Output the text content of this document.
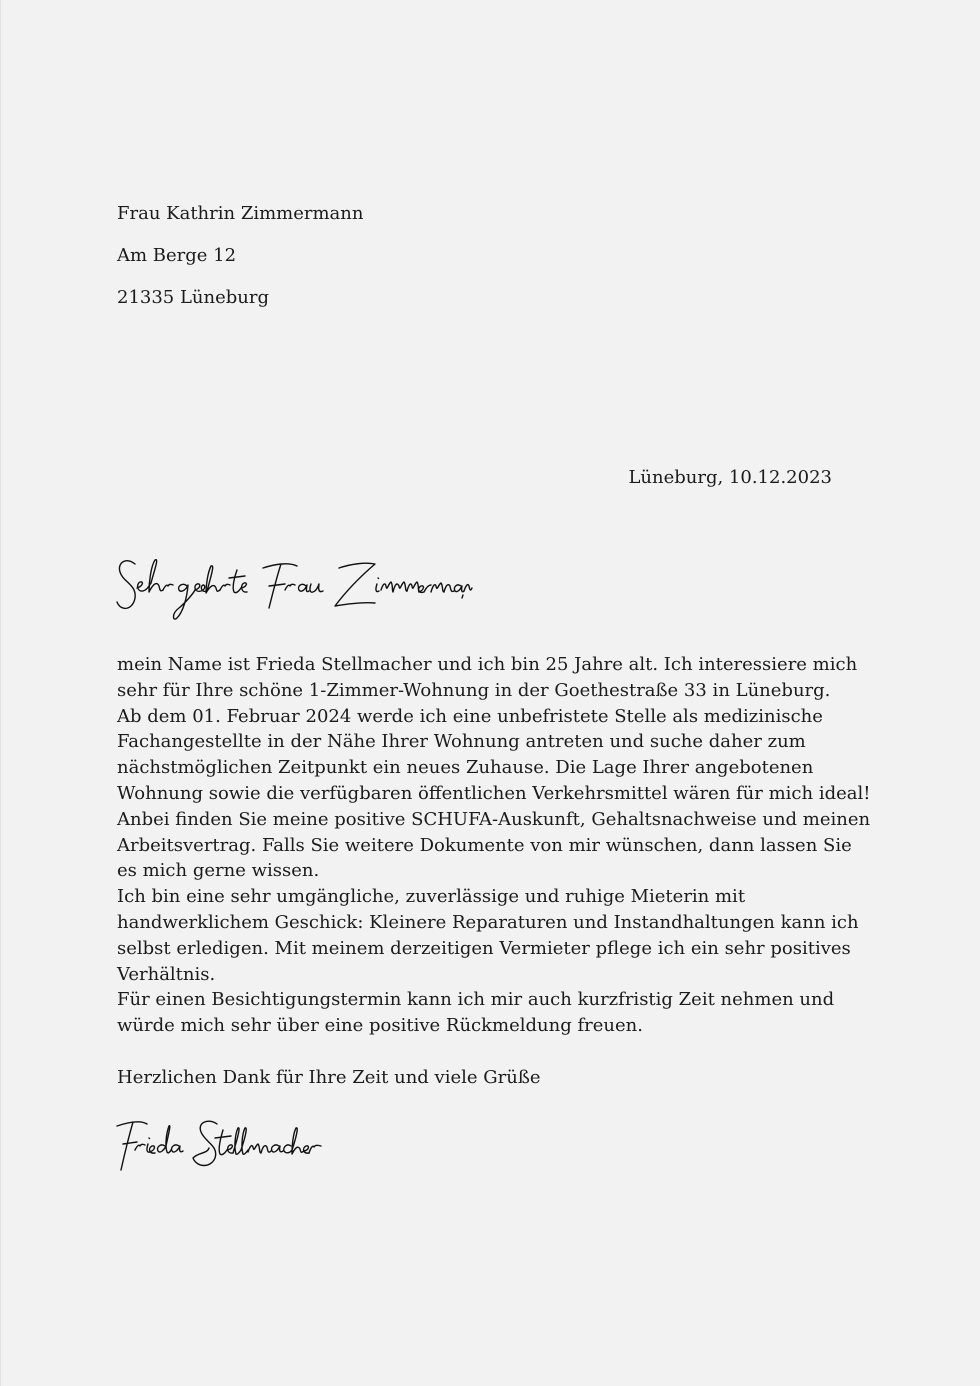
Frau Kathrin Zimmermann
Am Berge 12
21335 Lüneburg
Lüneburg, 10.12.2023

mein Name ist Frieda Stellmacher und ich bin 25 Jahre alt. Ich interessiere mich sehr für Ihre schöne 1-Zimmer-Wohnung in der Goethestraße 33 in Lüneburg.

Ab dem 01. Februar 2024 werde ich eine unbefristete Stelle als medizinische Fachangestellte in der Nähe Ihrer Wohnung antreten und suche daher zum nächstmöglichen Zeitpunkt ein neues Zuhause. Die Lage Ihrer angebotenen Wohnung sowie die verfügbaren öffentlichen Verkehrsmittel wären für mich ideal!

Anbei finden Sie meine positive SCHUFA-Auskunft, Gehaltsnachweise und meinen Arbeitsvertrag. Falls Sie weitere Dokumente von mir wünschen, dann lassen Sie es mich gerne wissen.

Ich bin eine sehr umgängliche, zuverlässige und ruhige Mieterin mit handwerklichem Geschick: Kleinere Reparaturen und Instandhaltungen kann ich selbst erledigen. Mit meinem derzeitigen Vermieter pflege ich ein sehr positives Verhältnis.

Für einen Besichtigungstermin kann ich mir auch kurzfristig Zeit nehmen und würde mich sehr über eine positive Rückmeldung freuen.

Herzlichen Dank für Ihre Zeit und viele Grüße
